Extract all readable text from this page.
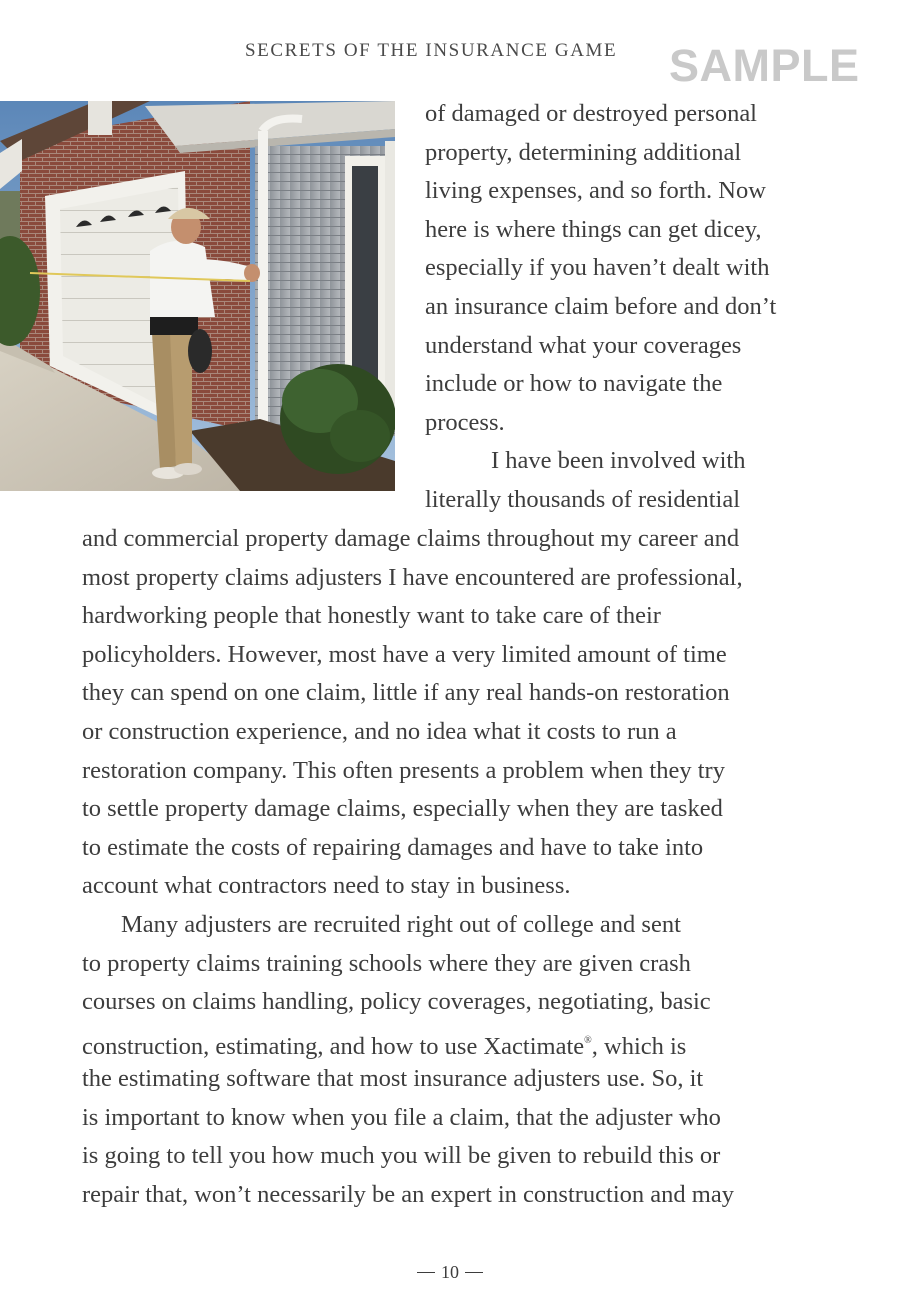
SECRETS OF THE INSURANCE GAME SAMPLE
of damaged or destroyed personal
property, determining additional
living expenses, and so forth. Now
here is where things can get dicey,
especially if you haven’t dealt with
an insurance claim before and don’t
understand what your coverages
include or how to navigate the
process.
I have been involved with
literally thousands of residential
and commercial property damage claims throughout my career and
most property claims adjusters I have encountered are professional,
hardworking people that honestly want to take care of their
policyholders. However, most have a very limited amount of time
they can spend on one claim, little if any real hands-on restoration
or construction experience, and no idea what it costs to run a
restoration company. This often presents a problem when they try
to settle property damage claims, especially when they are tasked
to estimate the costs of repairing damages and have to take into
account what contractors need to stay in business.
Many adjusters are recruited right out of college and sent
to property claims training schools where they are given crash
courses on claims handling, policy coverages, negotiating, basic
construction, estimating, and how to use Xactimate®, which is
the estimating software that most insurance adjusters use. So, it
is important to know when you file a claim, that the adjuster who
is going to tell you how much you will be given to rebuild this or
repair that, won’t necessarily be an expert in construction and may
10
